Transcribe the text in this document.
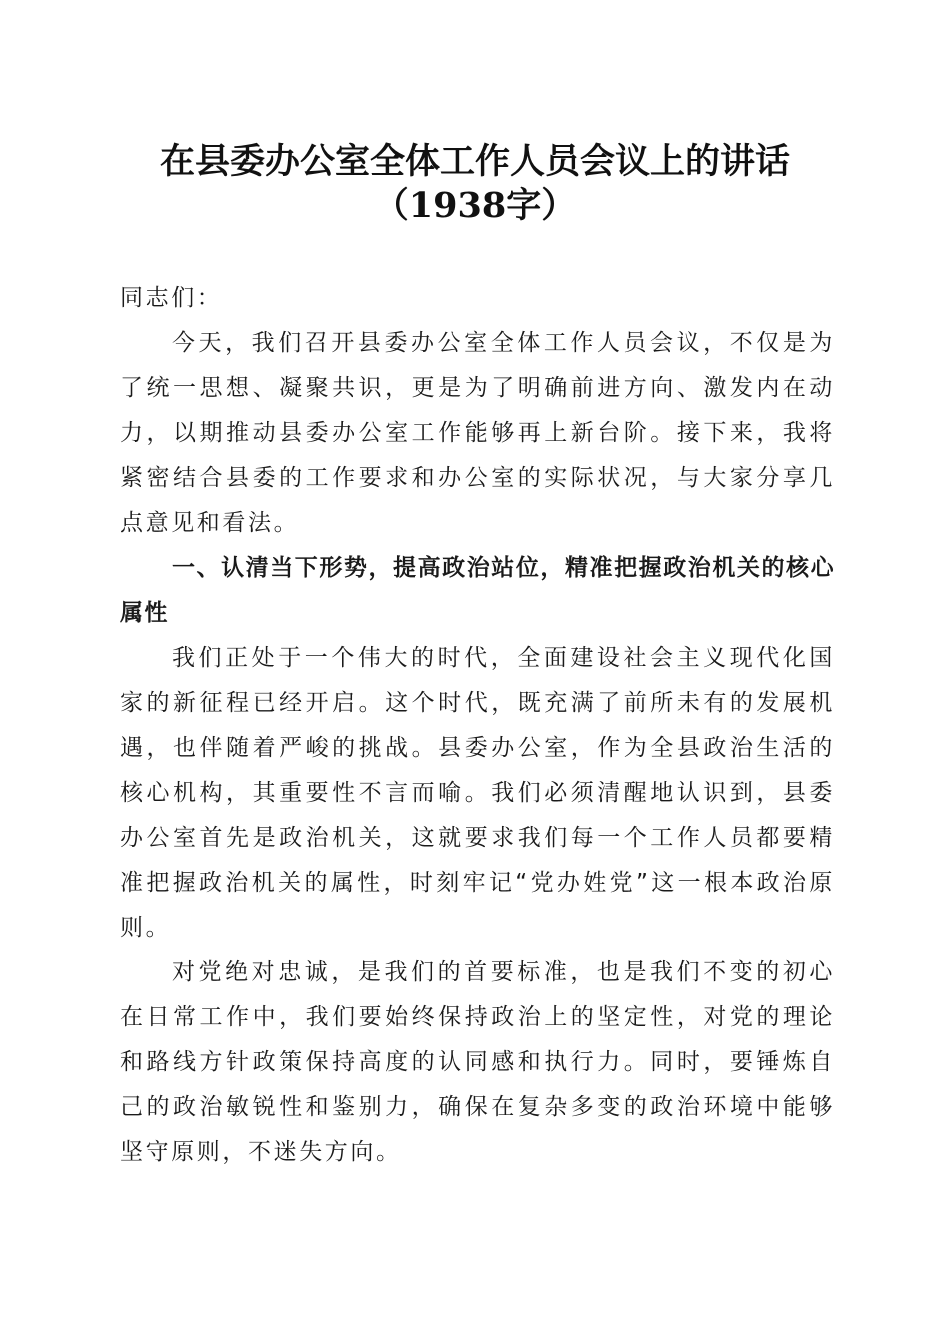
在县委办公室全体工作人员会议上的讲话
（1938字）

同志们：

今天，我们召开县委办公室全体工作人员会议，不仅是为了统一思想、凝聚共识，更是为了明确前进方向、激发内在动力，以期推动县委办公室工作能够再上新台阶。接下来，我将紧密结合县委的工作要求和办公室的实际状况，与大家分享几点意见和看法。

一、认清当下形势，提高政治站位，精准把握政治机关的核心属性

我们正处于一个伟大的时代，全面建设社会主义现代化国家的新征程已经开启。这个时代，既充满了前所未有的发展机遇，也伴随着严峻的挑战。县委办公室，作为全县政治生活的核心机构，其重要性不言而喻。我们必须清醒地认识到，县委办公室首先是政治机关，这就要求我们每一个工作人员都要精准把握政治机关的属性，时刻牢记“党办姓党”这一根本政治原则。

对党绝对忠诚，是我们的首要标准，也是我们不变的初心在日常工作中，我们要始终保持政治上的坚定性，对党的理论和路线方针政策保持高度的认同感和执行力。同时，要锤炼自己的政治敏锐性和鉴别力，确保在复杂多变的政治环境中能够坚守原则，不迷失方向。
